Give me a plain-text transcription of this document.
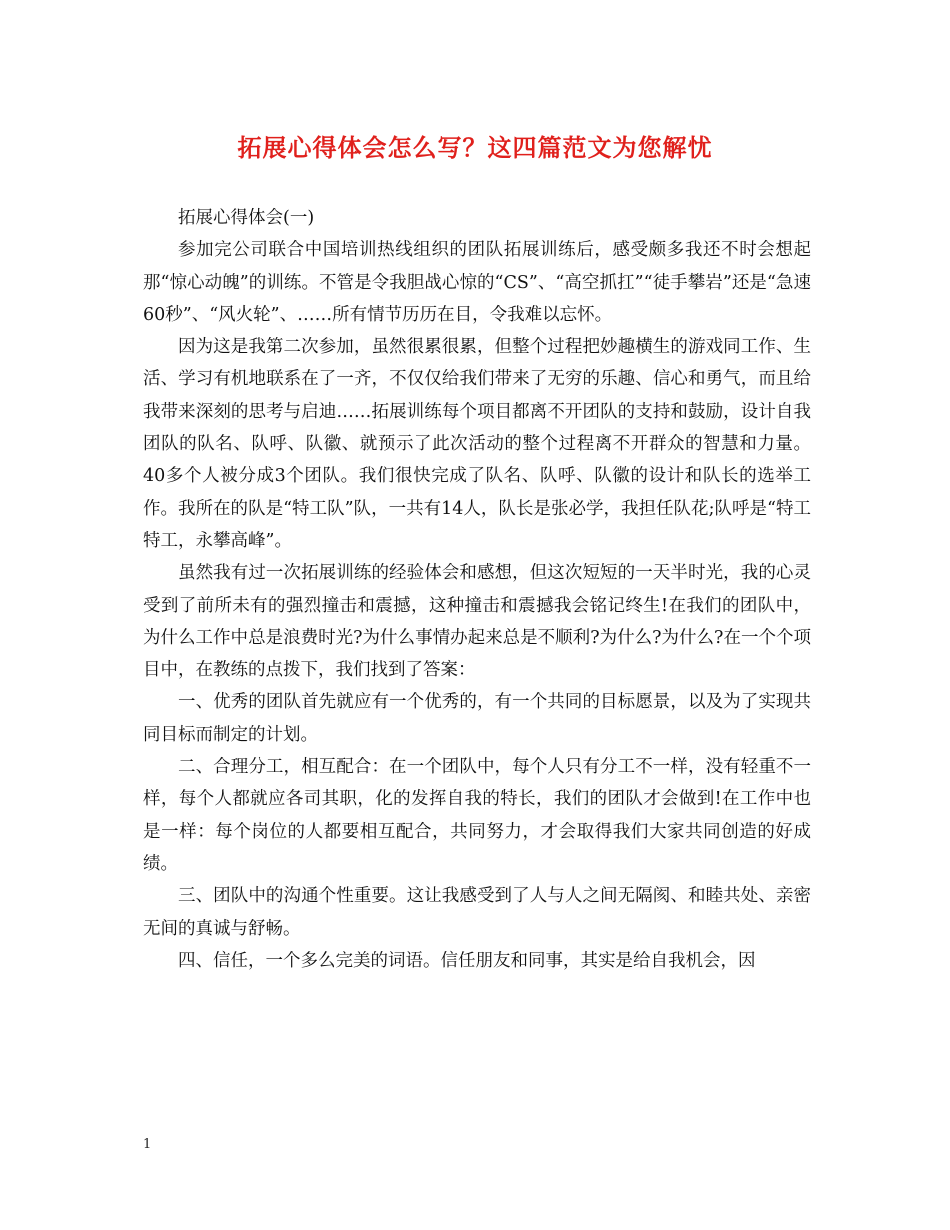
拓展心得体会怎么写？这四篇范文为您解忧

拓展心得体会(一)

参加完公司联合中国培训热线组织的团队拓展训练后，感受颇多我还不时会想起那“惊心动魄”的训练。不管是令我胆战心惊的“CS”、“高空抓扛”“徒手攀岩”还是“急速60秒”、“风火轮”、……所有情节历历在目，令我难以忘怀。

因为这是我第二次参加，虽然很累很累，但整个过程把妙趣横生的游戏同工作、生活、学习有机地联系在了一齐，不仅仅给我们带来了无穷的乐趣、信心和勇气，而且给我带来深刻的思考与启迪……拓展训练每个项目都离不开团队的支持和鼓励，设计自我团队的队名、队呼、队徽、就预示了此次活动的整个过程离不开群众的智慧和力量。40多个人被分成3个团队。我们很快完成了队名、队呼、队徽的设计和队长的选举工作。我所在的队是“特工队”队，一共有14人，队长是张必学，我担任队花;队呼是“特工特工，永攀高峰”。

虽然我有过一次拓展训练的经验体会和感想，但这次短短的一天半时光，我的心灵受到了前所未有的强烈撞击和震撼，这种撞击和震撼我会铭记终生!在我们的团队中，为什么工作中总是浪费时光?为什么事情办起来总是不顺利?为什么?为什么?在一个个项目中，在教练的点拨下，我们找到了答案：

一、优秀的团队首先就应有一个优秀的，有一个共同的目标愿景，以及为了实现共同目标而制定的计划。

二、合理分工，相互配合：在一个团队中，每个人只有分工不一样，没有轻重不一样，每个人都就应各司其职，化的发挥自我的特长，我们的团队才会做到!在工作中也是一样：每个岗位的人都要相互配合，共同努力，才会取得我们大家共同创造的好成绩。

三、团队中的沟通个性重要。这让我感受到了人与人之间无隔阂、和睦共处、亲密无间的真诚与舒畅。

四、信任，一个多么完美的词语。信任朋友和同事，其实是给自我机会，因

1
